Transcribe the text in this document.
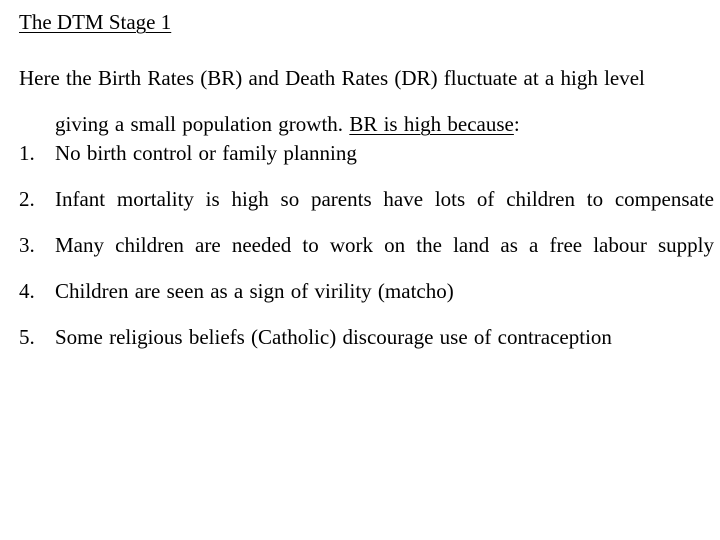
The DTM Stage 1
Here the Birth Rates (BR) and Death Rates (DR) fluctuate at a high level
giving a small population growth. BR is high because:
1. No birth control or family planning
2. Infant mortality is high so parents have lots of children to compensate
3. Many children are needed to work on the land as a free labour supply
4. Children are seen as a sign of virility (matcho)
5. Some religious beliefs (Catholic) discourage use of contraception
